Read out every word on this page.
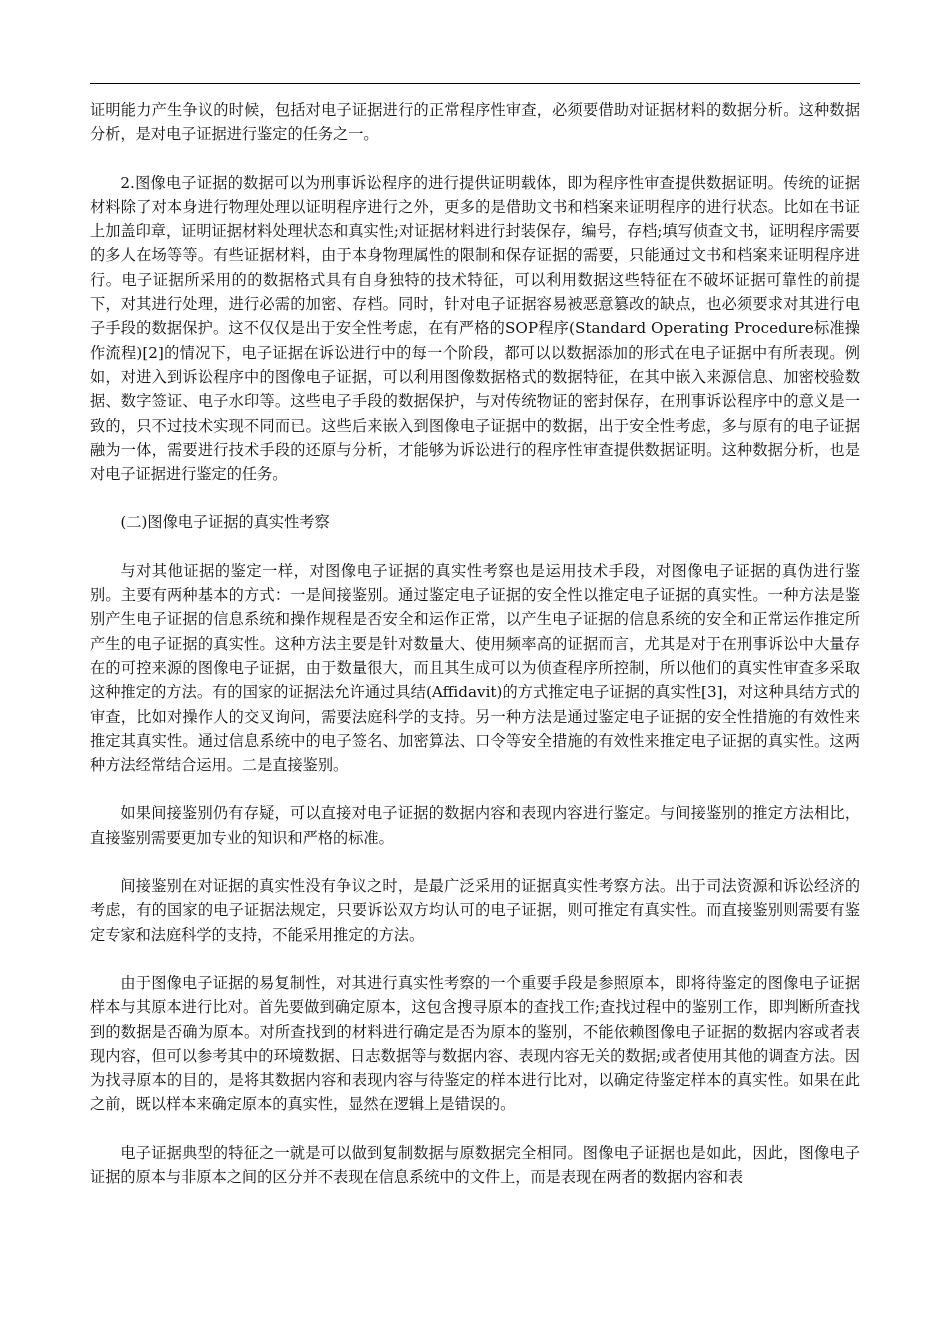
证明能力产生争议的时候，包括对电子证据进行的正常程序性审查，必须要借助对证据材料的数据分析。这种数据分析，是对电子证据进行鉴定的任务之一。

2.图像电子证据的数据可以为刑事诉讼程序的进行提供证明载体，即为程序性审查提供数据证明。传统的证据材料除了对本身进行物理处理以证明程序进行之外，更多的是借助文书和档案来证明程序的进行状态。比如在书证上加盖印章，证明证据材料处理状态和真实性;对证据材料进行封装保存，编号，存档;填写侦查文书，证明程序需要的多人在场等等。有些证据材料，由于本身物理属性的限制和保存证据的需要，只能通过文书和档案来证明程序进行。电子证据所采用的的数据格式具有自身独特的技术特征，可以利用数据这些特征在不破坏证据可靠性的前提下，对其进行处理，进行必需的加密、存档。同时，针对电子证据容易被恶意篡改的缺点，也必须要求对其进行电子手段的数据保护。这不仅仅是出于安全性考虑，在有严格的SOP程序(Standard Operating Procedure标准操作流程)[2]的情况下，电子证据在诉讼进行中的每一个阶段，都可以以数据添加的形式在电子证据中有所表现。例如，对进入到诉讼程序中的图像电子证据，可以利用图像数据格式的数据特征，在其中嵌入来源信息、加密校验数据、数字签证、电子水印等。这些电子手段的数据保护，与对传统物证的密封保存，在刑事诉讼程序中的意义是一致的，只不过技术实现不同而已。这些后来嵌入到图像电子证据中的数据，出于安全性考虑，多与原有的电子证据融为一体，需要进行技术手段的还原与分析，才能够为诉讼进行的程序性审查提供数据证明。这种数据分析，也是对电子证据进行鉴定的任务。

(二)图像电子证据的真实性考察

与对其他证据的鉴定一样，对图像电子证据的真实性考察也是运用技术手段，对图像电子证据的真伪进行鉴别。主要有两种基本的方式：一是间接鉴别。通过鉴定电子证据的安全性以推定电子证据的真实性。一种方法是鉴别产生电子证据的信息系统和操作规程是否安全和运作正常，以产生电子证据的信息系统的安全和正常运作推定所产生的电子证据的真实性。这种方法主要是针对数量大、使用频率高的证据而言，尤其是对于在刑事诉讼中大量存在的可控来源的图像电子证据，由于数量很大，而且其生成可以为侦查程序所控制，所以他们的真实性审查多采取这种推定的方法。有的国家的证据法允许通过具结(Affidavit)的方式推定电子证据的真实性[3]，对这种具结方式的审查，比如对操作人的交叉询问，需要法庭科学的支持。另一种方法是通过鉴定电子证据的安全性措施的有效性来推定其真实性。通过信息系统中的电子签名、加密算法、口令等安全措施的有效性来推定电子证据的真实性。这两种方法经常结合运用。二是直接鉴别。

如果间接鉴别仍有存疑，可以直接对电子证据的数据内容和表现内容进行鉴定。与间接鉴别的推定方法相比，直接鉴别需要更加专业的知识和严格的标准。

间接鉴别在对证据的真实性没有争议之时，是最广泛采用的证据真实性考察方法。出于司法资源和诉讼经济的考虑，有的国家的电子证据法规定，只要诉讼双方均认可的电子证据，则可推定有真实性。而直接鉴别则需要有鉴定专家和法庭科学的支持，不能采用推定的方法。

由于图像电子证据的易复制性，对其进行真实性考察的一个重要手段是参照原本，即将待鉴定的图像电子证据样本与其原本进行比对。首先要做到确定原本，这包含搜寻原本的查找工作;查找过程中的鉴别工作，即判断所查找到的数据是否确为原本。对所查找到的材料进行确定是否为原本的鉴别，不能依赖图像电子证据的数据内容或者表现内容，但可以参考其中的环境数据、日志数据等与数据内容、表现内容无关的数据;或者使用其他的调查方法。因为找寻原本的目的，是将其数据内容和表现内容与待鉴定的样本进行比对，以确定待鉴定样本的真实性。如果在此之前，既以样本来确定原本的真实性，显然在逻辑上是错误的。

电子证据典型的特征之一就是可以做到复制数据与原数据完全相同。图像电子证据也是如此，因此，图像电子证据的原本与非原本之间的区分并不表现在信息系统中的文件上，而是表现在两者的数据内容和表
